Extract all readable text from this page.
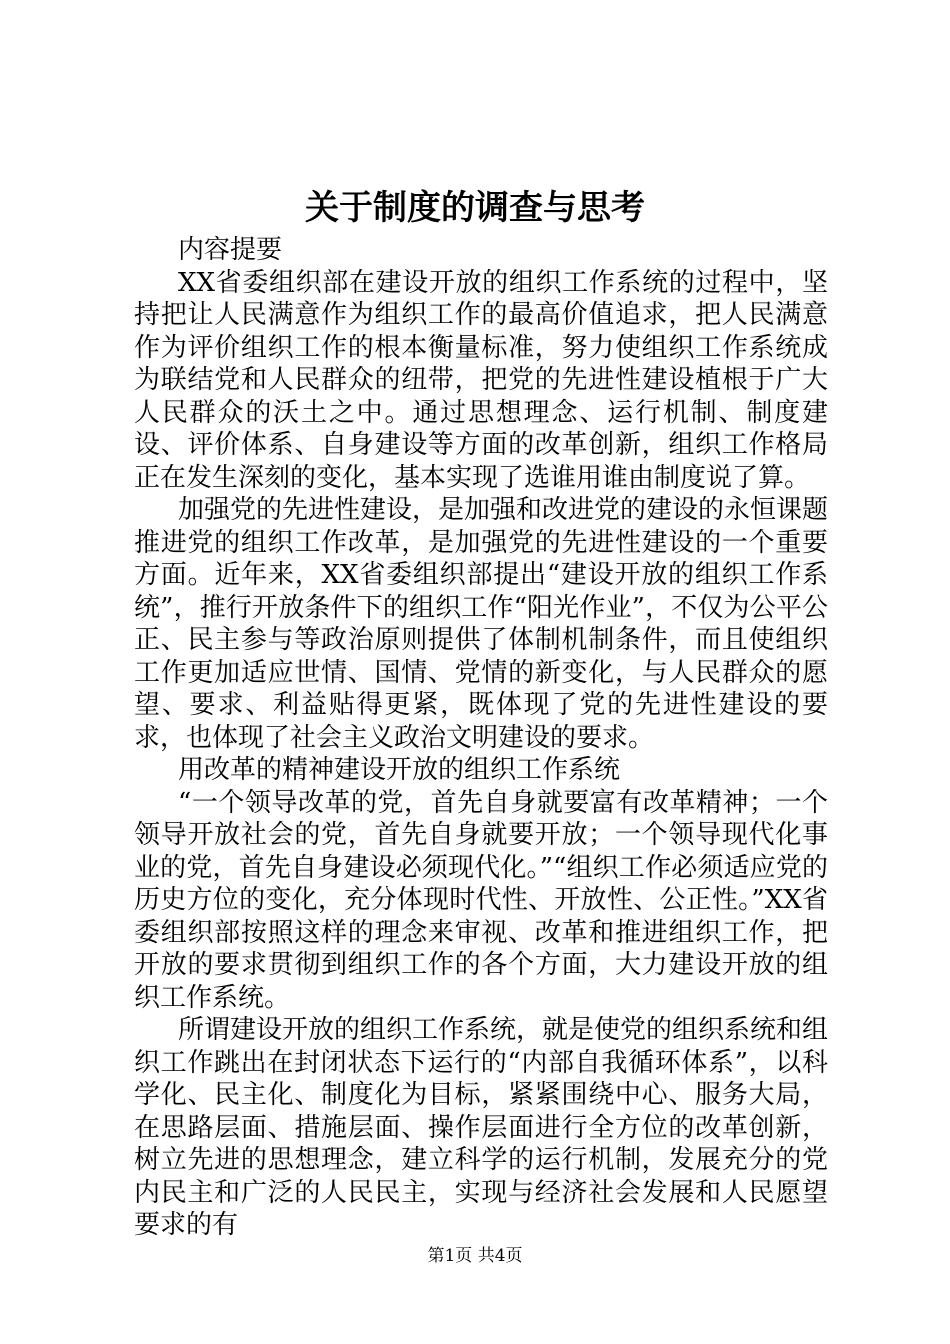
关于制度的调查与思考

内容提要

XX省委组织部在建设开放的组织工作系统的过程中，坚持把让人民满意作为组织工作的最高价值追求，把人民满意作为评价组织工作的根本衡量标准，努力使组织工作系统成为联结党和人民群众的纽带，把党的先进性建设植根于广大人民群众的沃土之中。通过思想理念、运行机制、制度建设、评价体系、自身建设等方面的改革创新，组织工作格局正在发生深刻的变化，基本实现了选谁用谁由制度说了算。

加强党的先进性建设，是加强和改进党的建设的永恒课题推进党的组织工作改革，是加强党的先进性建设的一个重要方面。近年来，XX省委组织部提出“建设开放的组织工作系统”，推行开放条件下的组织工作“阳光作业”，不仅为公平公正、民主参与等政治原则提供了体制机制条件，而且使组织工作更加适应世情、国情、党情的新变化，与人民群众的愿望、要求、利益贴得更紧，既体现了党的先进性建设的要求，也体现了社会主义政治文明建设的要求。

用改革的精神建设开放的组织工作系统

“一个领导改革的党，首先自身就要富有改革精神；一个领导开放社会的党，首先自身就要开放；一个领导现代化事业的党，首先自身建设必须现代化。”“组织工作必须适应党的历史方位的变化，充分体现时代性、开放性、公正性。”XX省委组织部按照这样的理念来审视、改革和推进组织工作，把开放的要求贯彻到组织工作的各个方面，大力建设开放的组织工作系统。

所谓建设开放的组织工作系统，就是使党的组织系统和组织工作跳出在封闭状态下运行的“内部自我循环体系”，以科学化、民主化、制度化为目标，紧紧围绕中心、服务大局，在思路层面、措施层面、操作层面进行全方位的改革创新，树立先进的思想理念，建立科学的运行机制，发展充分的党内民主和广泛的人民民主，实现与经济社会发展和人民愿望要求的有

第1页 共4页
